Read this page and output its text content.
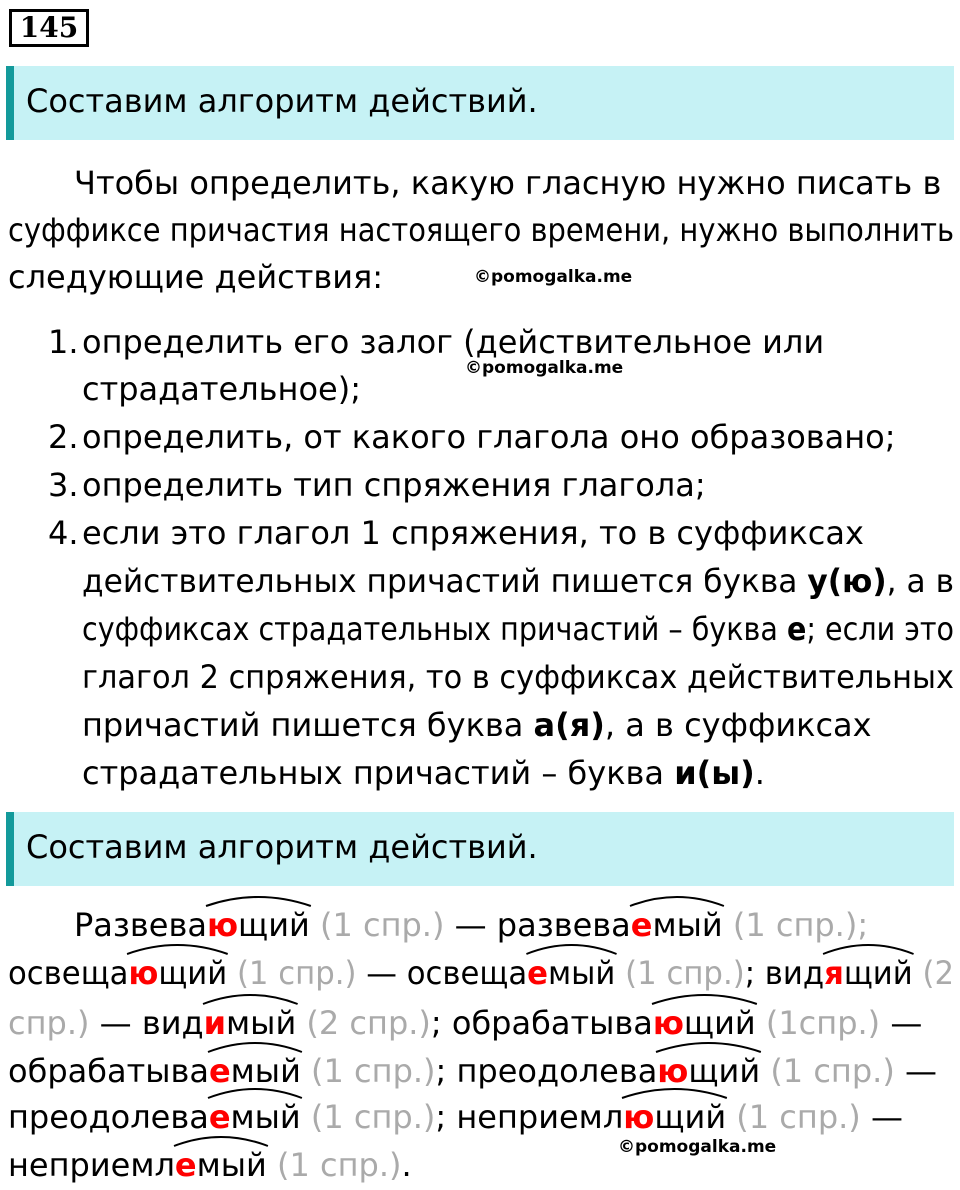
145
Составим алгоритм действий.
Чтобы определить, какую гласную нужно писать в
суффиксе причастия настоящего времени, нужно выполнить
следующие действия:	©pomogalka.me
1. определить его залог (действительное или
страдательное);
©pomogalka.me
2. определить, от какого глагола оно образовано;
3. определить тип спряжения глагола;
4. если это глагол 1 спряжения, то в суффиксах
действительных причастий пишется буква у(ю), а в
суффиксах страдательных причастий – буква е; если это
глагол 2 спряжения, то в суффиксах действительных
причастий пишется буква а(я), а в суффиксах
страдательных причастий – буква и(ы).
Составим алгоритм действий.
Развева
ющий (1 спр.) — развева
емый (1 спр.);
освеща
ющий (1 спр.) — освеща
емый (1 спр.); вид
ящий (2
спр.) — вид
имый (2 спр.); обрабатыва
ющий (1спр.) —
обрабатыва
емый (1 спр.); преодолева
ющий (1 спр.) —
преодолева
емый (1 спр.); неприемл
ющий (1 спр.) —
©pomogalka.me
неприемл
емый (1 спр.).
